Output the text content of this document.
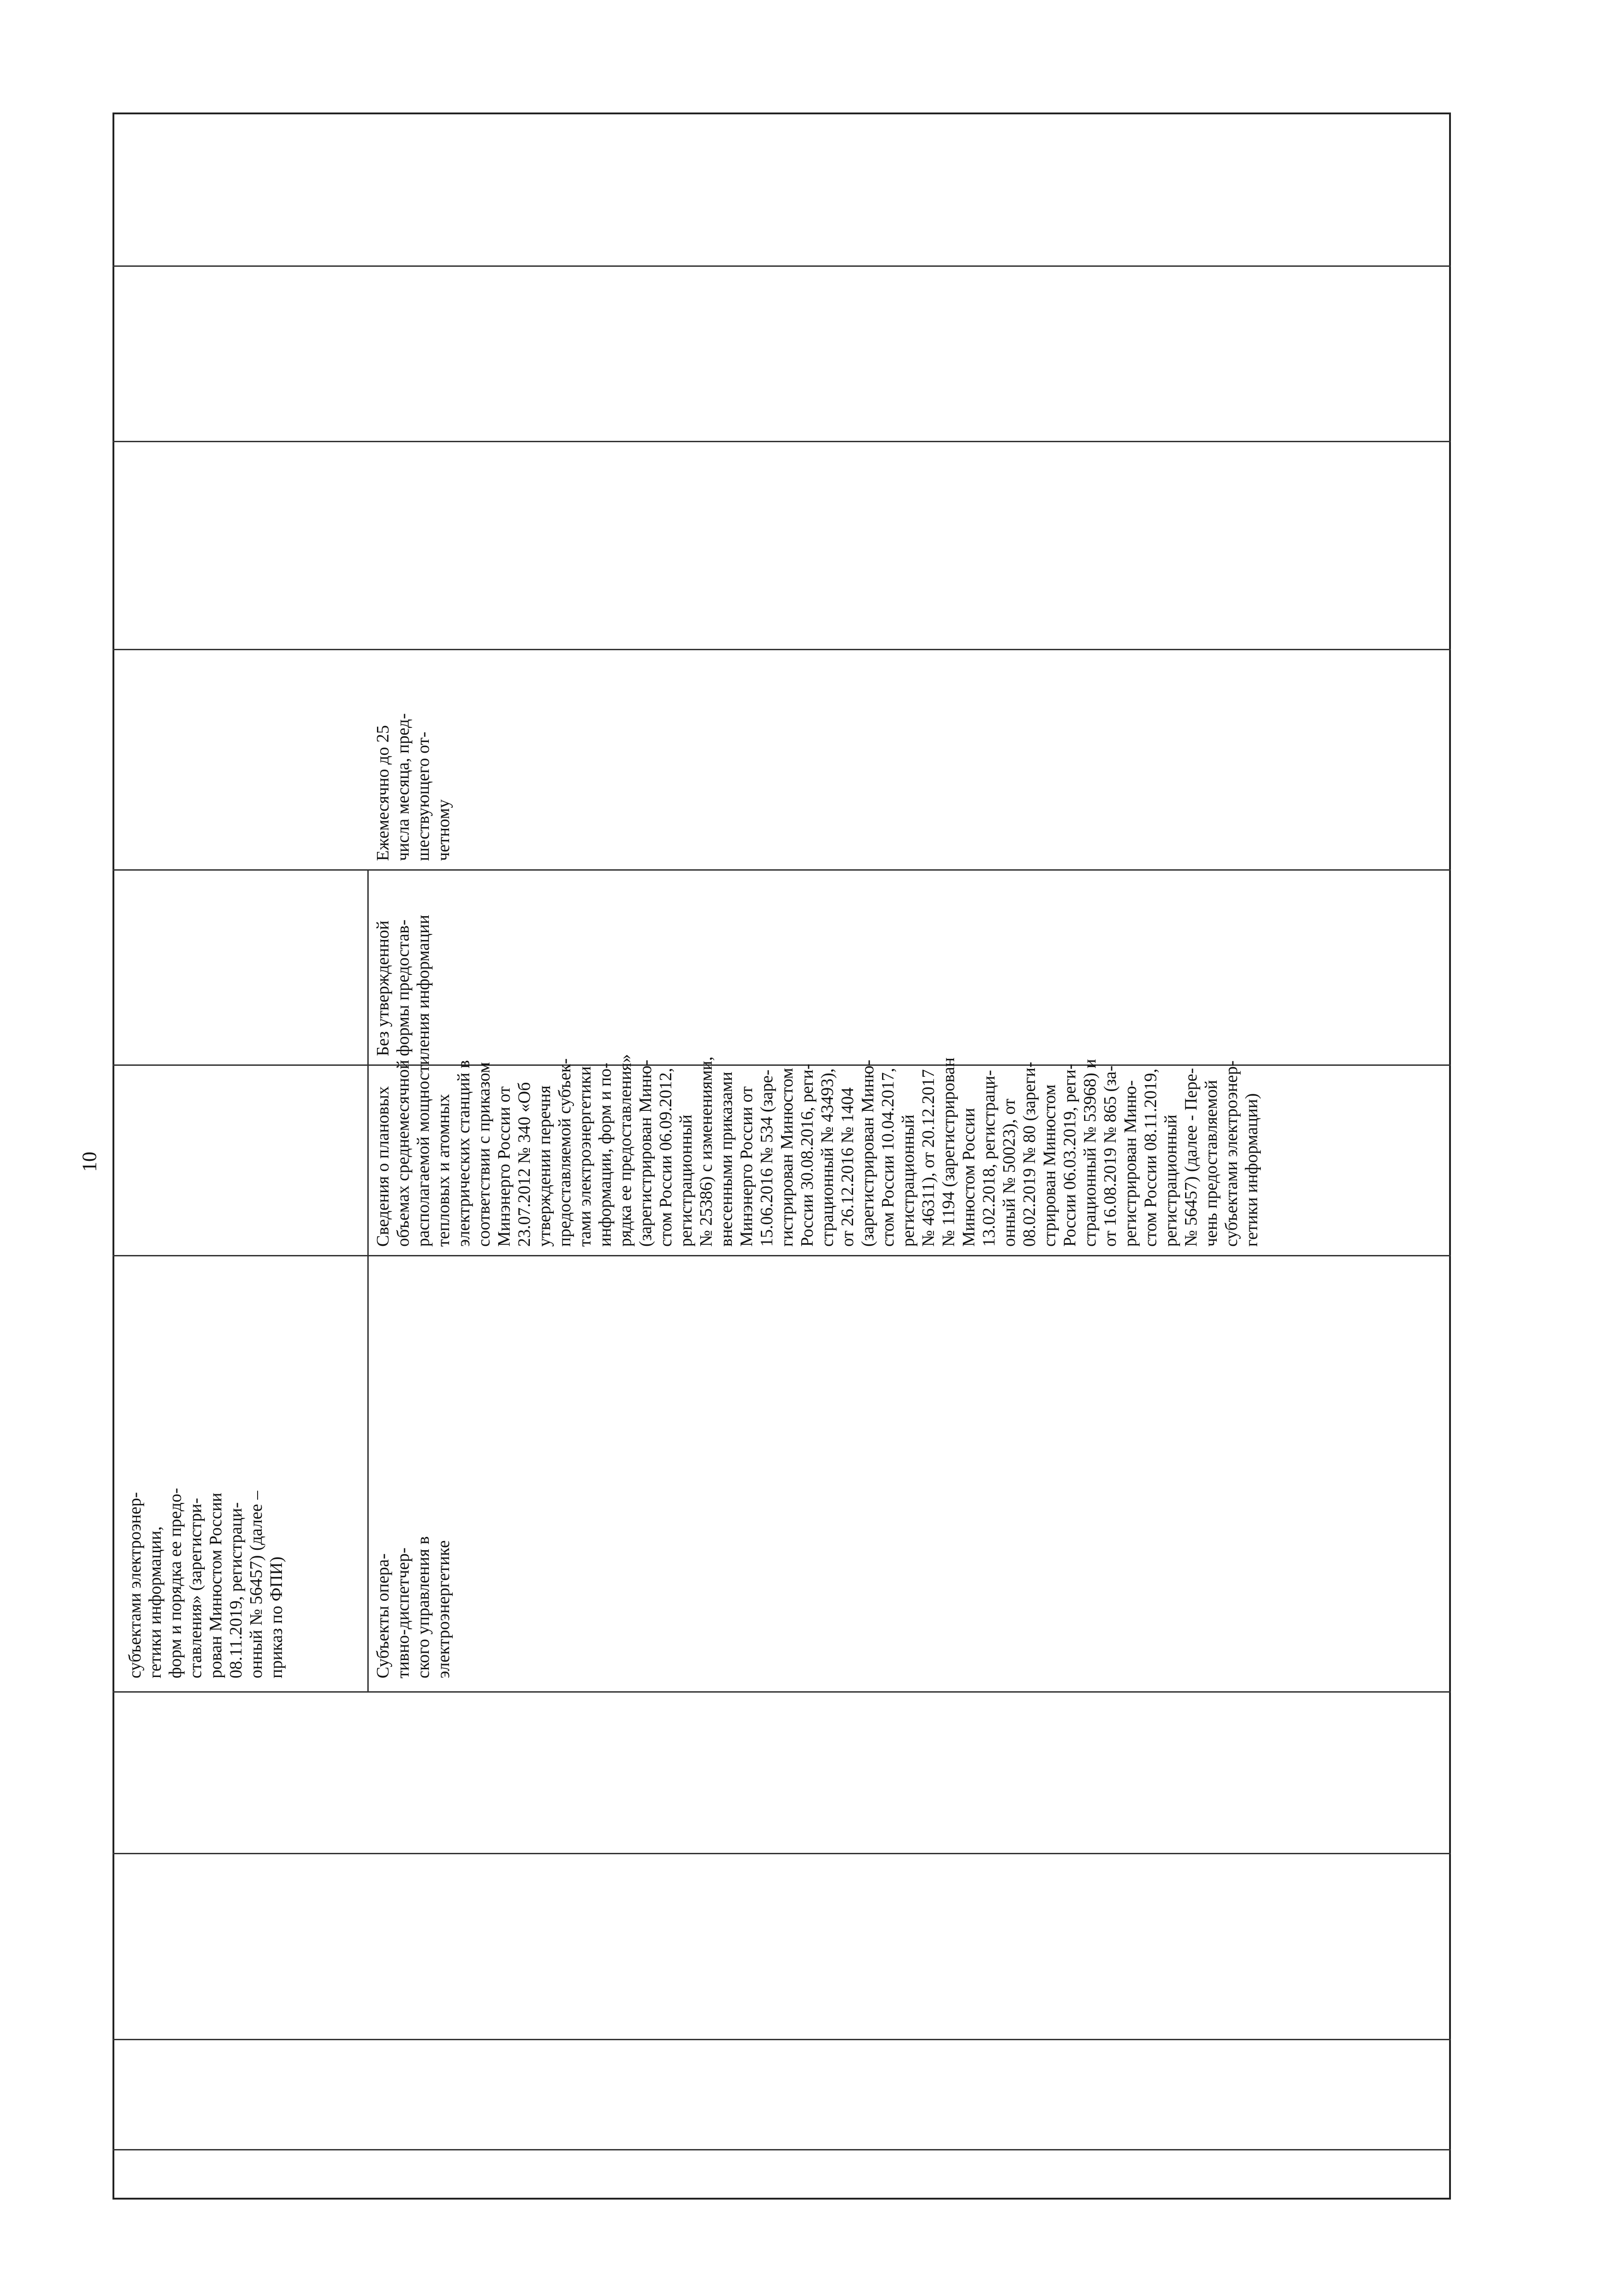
10
субъектами электроэнер-
гетики информации,
форм и порядка ее предо-
ставления» (зарегистри-
рован Минюстом России
08.11.2019, регистраци-
онный № 56457) (далее –
приказ по ФПИ)
Субъекты опера-
тивно-диспетчер-
ского управления в
электроэнергетике
Сведения о плановых
объемах среднемесячной
располагаемой мощности
тепловых и атомных
электрических станций в
соответствии с приказом
Минэнерго России от
23.07.2012 № 340 «Об
утверждении перечня
предоставляемой субъек-
тами электроэнергетики
информации, форм и по-
рядка ее предоставления»
(зарегистрирован Миню-
стом России 06.09.2012,
регистрационный
№ 25386) с изменениями,
внесенными приказами
Минэнерго России от
15.06.2016 № 534 (заре-
гистрирован Минюстом
России 30.08.2016, реги-
страционный № 43493),
от 26.12.2016 № 1404
(зарегистрирован Миню-
стом России 10.04.2017,
регистрационный
№ 46311), от 20.12.2017
№ 1194 (зарегистрирован
Минюстом России
13.02.2018, регистраци-
онный № 50023), от
08.02.2019 № 80 (зареги-
стрирован Минюстом
России 06.03.2019, реги-
страционный № 53968) и
от 16.08.2019 № 865 (за-
регистрирован Миню-
стом России 08.11.2019,
регистрационный
№ 56457) (далее - Пере-
чень предоставляемой
субъектами электроэнер-
гетики информации)
Без утвержденной
формы предостав-
ления информации
Ежемесячно до 25
числа месяца, пред-
шествующего от-
четному
